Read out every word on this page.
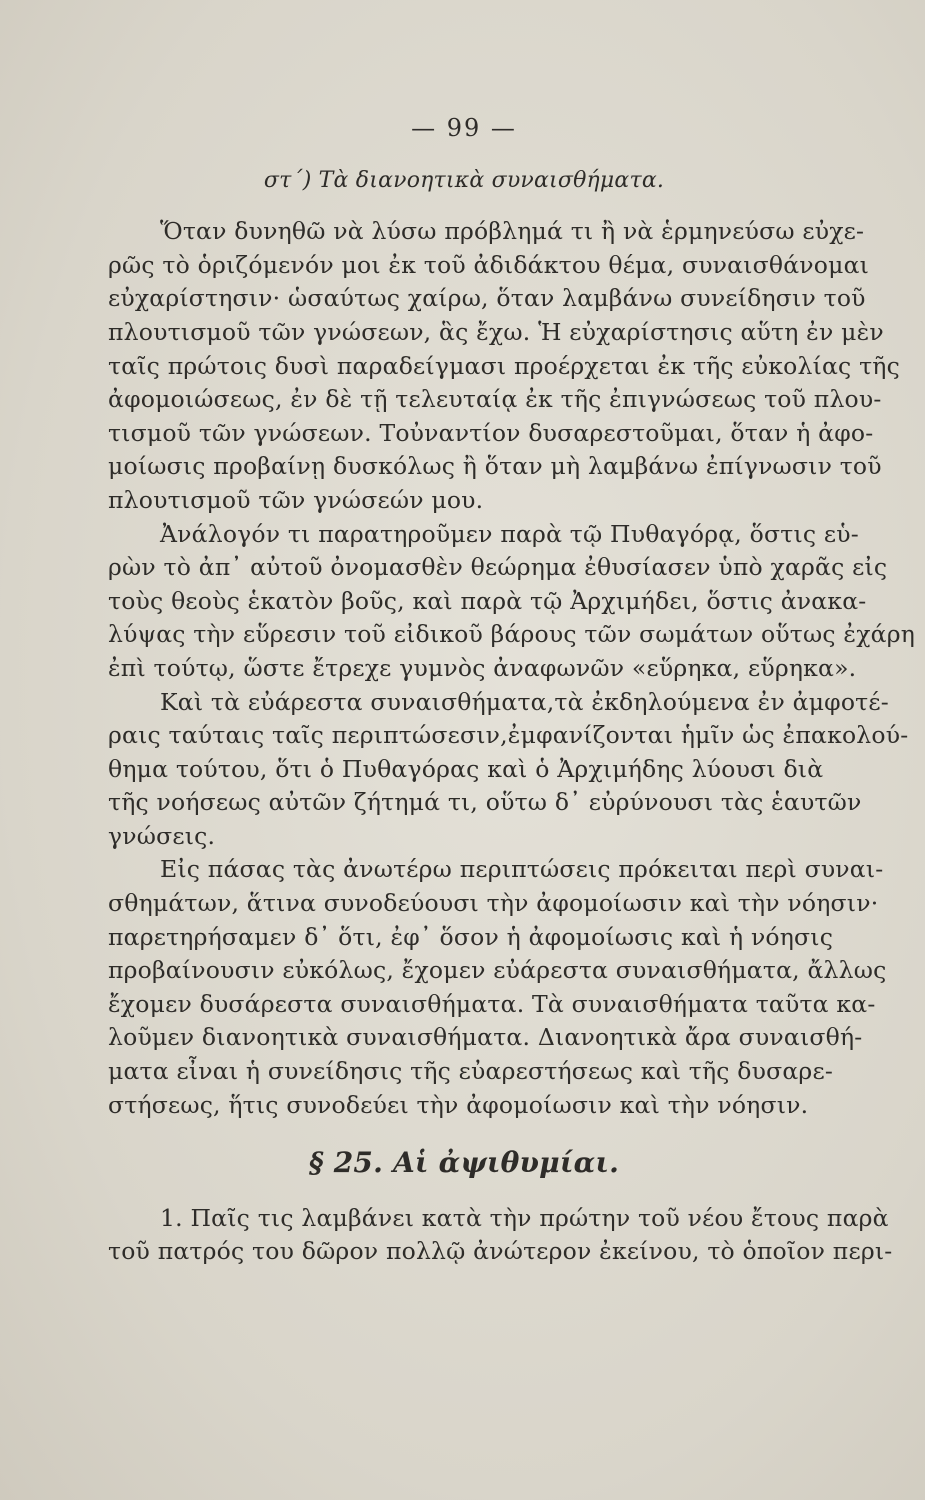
— 99 —
στ´) Τὰ διανοητικὰ συναισθήματα.

Ὅταν δυνηθῶ νὰ λύσω πρόβλημά τι ἢ νὰ ἑρμηνεύσω εὐχε-
ρῶς τὸ ὁριζόμενόν μοι ἐκ τοῦ ἀδιδάκτου θέμα, συναισθάνομαι
εὐχαρίστησιν· ὡσαύτως χαίρω, ὅταν λαμβάνω συνείδησιν τοῦ
πλουτισμοῦ τῶν γνώσεων, ἃς ἔχω. Ἡ εὐχαρίστησις αὕτη ἐν μὲν
ταῖς πρώτοις δυσὶ παραδείγμασι προέρχεται ἐκ τῆς εὐκολίας τῆς
ἀφομοιώσεως, ἐν δὲ τῇ τελευταίᾳ ἐκ τῆς ἐπιγνώσεως τοῦ πλου-
τισμοῦ τῶν γνώσεων. Τοὐναντίον δυσαρεστοῦμαι, ὅταν ἡ ἀφο-
μοίωσις προβαίνῃ δυσκόλως ἢ ὅταν μὴ λαμβάνω ἐπίγνωσιν τοῦ
πλουτισμοῦ τῶν γνώσεών μου.

Ἀνάλογόν τι παρατηροῦμεν παρὰ τῷ Πυθαγόρᾳ, ὅστις εὑ-
ρὼν τὸ ἀπ᾽ αὐτοῦ ὀνομασθὲν θεώρημα ἐθυσίασεν ὑπὸ χαρᾶς εἰς
τοὺς θεοὺς ἑκατὸν βοῦς, καὶ παρὰ τῷ Ἀρχιμήδει, ὅστις ἀνακα-
λύψας τὴν εὕρεσιν τοῦ εἰδικοῦ βάρους τῶν σωμάτων οὕτως ἐχάρη
ἐπὶ τούτῳ, ὥστε ἔτρεχε γυμνὸς ἀναφωνῶν «εὕρηκα, εὕρηκα».

Καὶ τὰ εὐάρεστα συναισθήματα,τὰ ἐκδηλούμενα ἐν ἀμφοτέ-
ραις ταύταις ταῖς περιπτώσεσιν,ἐμφανίζονται ἡμῖν ὡς ἐπακολού-
θημα τούτου, ὅτι ὁ Πυθαγόρας καὶ ὁ Ἀρχιμήδης λύουσι διὰ
τῆς νοήσεως αὐτῶν ζήτημά τι, οὕτω δ᾽ εὐρύνουσι τὰς ἑαυτῶν
γνώσεις.

Εἰς πάσας τὰς ἀνωτέρω περιπτώσεις πρόκειται περὶ συναι-
σθημάτων, ἅτινα συνοδεύουσι τὴν ἀφομοίωσιν καὶ τὴν νόησιν·
παρετηρήσαμεν δ᾽ ὅτι, ἐφ᾽ ὅσον ἡ ἀφομοίωσις καὶ ἡ νόησις
προβαίνουσιν εὐκόλως, ἔχομεν εὐάρεστα συναισθήματα, ἄλλως
ἔχομεν δυσάρεστα συναισθήματα. Τὰ συναισθήματα ταῦτα κα-
λοῦμεν διανοητικὰ συναισθήματα. Διανοητικὰ ἄρα συναισθή-
ματα εἶναι ἡ συνείδησις τῆς εὐαρεστήσεως καὶ τῆς δυσαρε-
στήσεως, ἥτις συνοδεύει τὴν ἀφομοίωσιν καὶ τὴν νόησιν.

§ 25. Αἱ ἀψιθυμίαι.

1. Παῖς τις λαμβάνει κατὰ τὴν πρώτην τοῦ νέου ἔτους παρὰ
τοῦ πατρός του δῶρον πολλῷ ἀνώτερον ἐκείνου, τὸ ὁποῖον περι-
